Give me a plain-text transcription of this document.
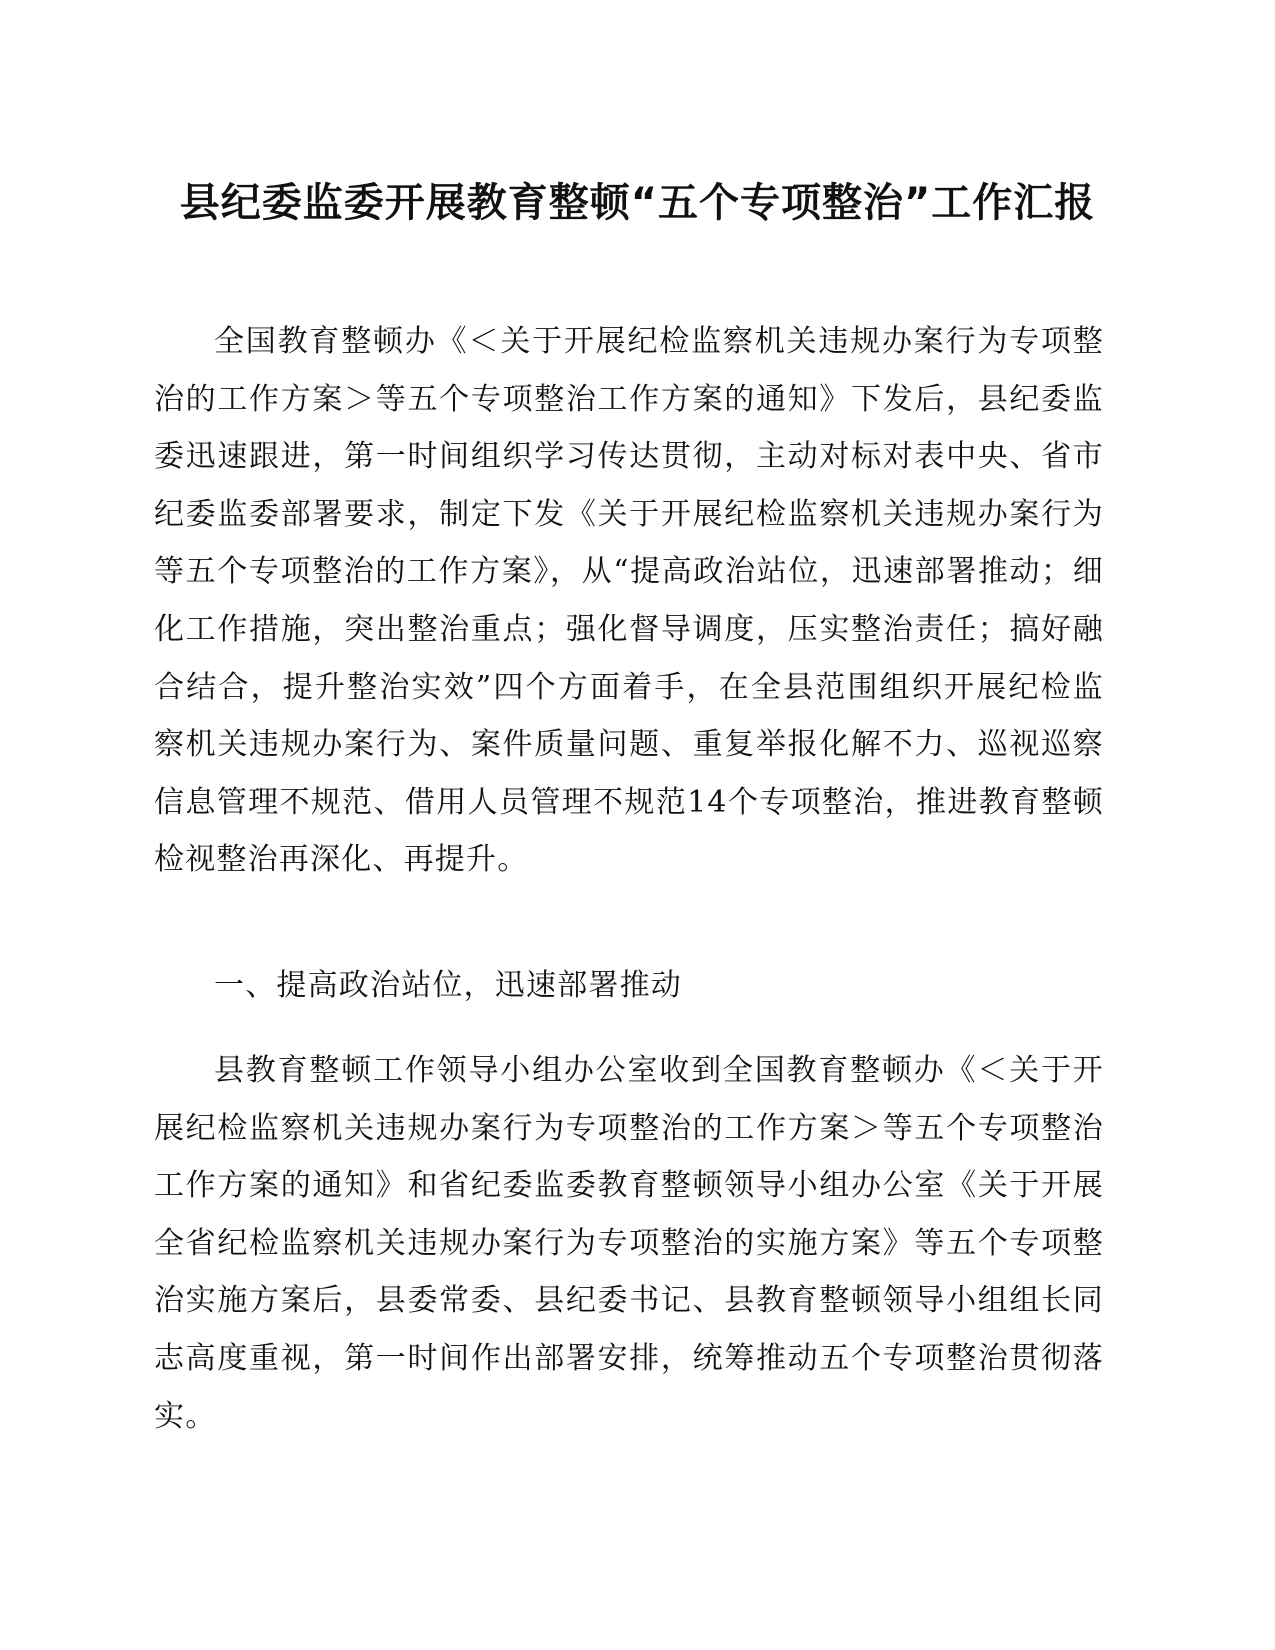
县纪委监委开展教育整顿“五个专项整治”工作汇报

全国教育整顿办《＜关于开展纪检监察机关违规办案行为专项整治的工作方案＞等五个专项整治工作方案的通知》下发后，县纪委监委迅速跟进，第一时间组织学习传达贯彻，主动对标对表中央、省市纪委监委部署要求，制定下发《关于开展纪检监察机关违规办案行为等五个专项整治的工作方案》，从“提高政治站位，迅速部署推动；细化工作措施，突出整治重点；强化督导调度，压实整治责任；搞好融合结合，提升整治实效”四个方面着手，在全县范围组织开展纪检监察机关违规办案行为、案件质量问题、重复举报化解不力、巡视巡察信息管理不规范、借用人员管理不规范14个专项整治，推进教育整顿检视整治再深化、再提升。

一、提高政治站位，迅速部署推动

县教育整顿工作领导小组办公室收到全国教育整顿办《＜关于开展纪检监察机关违规办案行为专项整治的工作方案＞等五个专项整治工作方案的通知》和省纪委监委教育整顿领导小组办公室《关于开展全省纪检监察机关违规办案行为专项整治的实施方案》等五个专项整治实施方案后，县委常委、县纪委书记、县教育整顿领导小组组长同志高度重视，第一时间作出部署安排，统筹推动五个专项整治贯彻落实。
